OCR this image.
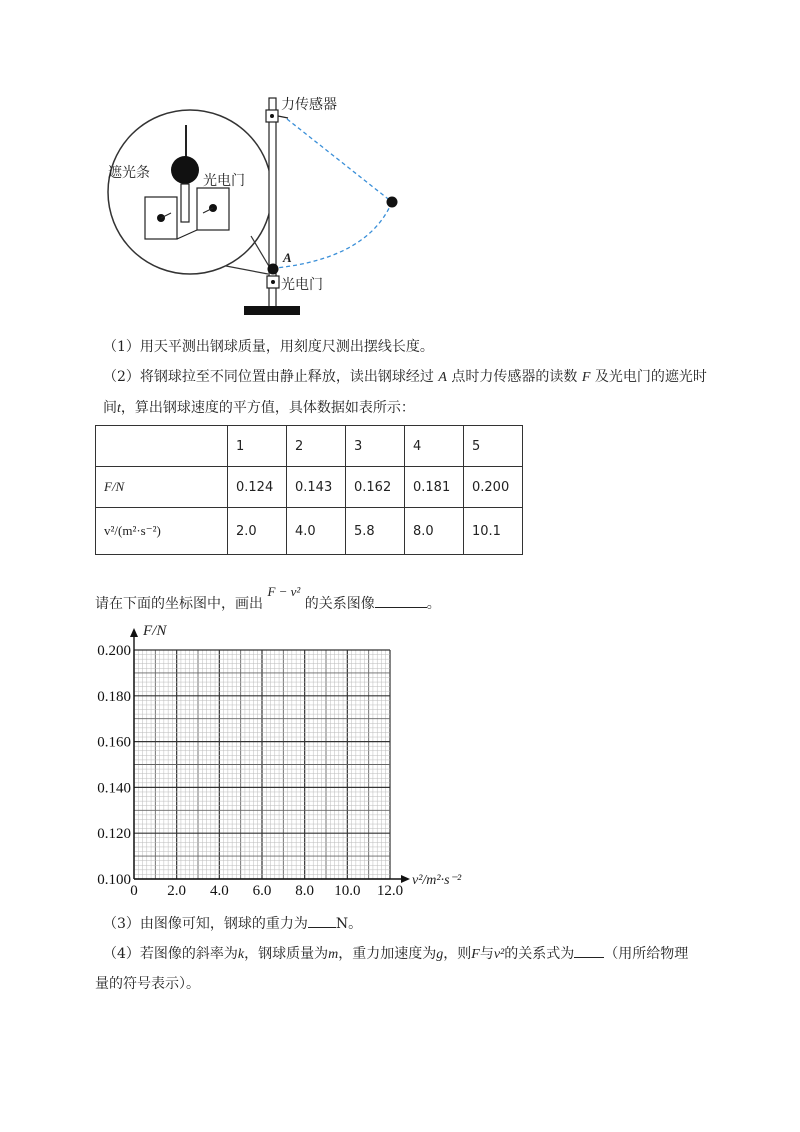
力传感器
遮光条	光电门
A
光电门
（1）用天平测出钢球质量，用刻度尺测出摆线长度。
（2）将钢球拉至不同位置由静止释放，读出钢球经过 A 点时力传感器的读数 F 及光电门的遮光时
间t，算出钢球速度的平方值，具体数据如表所示：
	1	2	3	4	5
F/N	0.124	0.143	0.162	0.181	0.200
v²/(m²·s⁻²)	2.0	4.0	5.8	8.0	10.1
请在下面的坐标图中，画出 F − v² 的关系图像	。
0 2.0 4.0 6.0 8.0 10.0 12.0
0.100
0.120
0.140
0.160
0.180
0.200
F/N
v²/m²·s⁻²
（3）由图像可知，钢球的重力为 N。
（4）若图像的斜率为k，钢球质量为m，重力加速度为g，则F与v²的关系式为 （用所给物理
量的符号表示）。
